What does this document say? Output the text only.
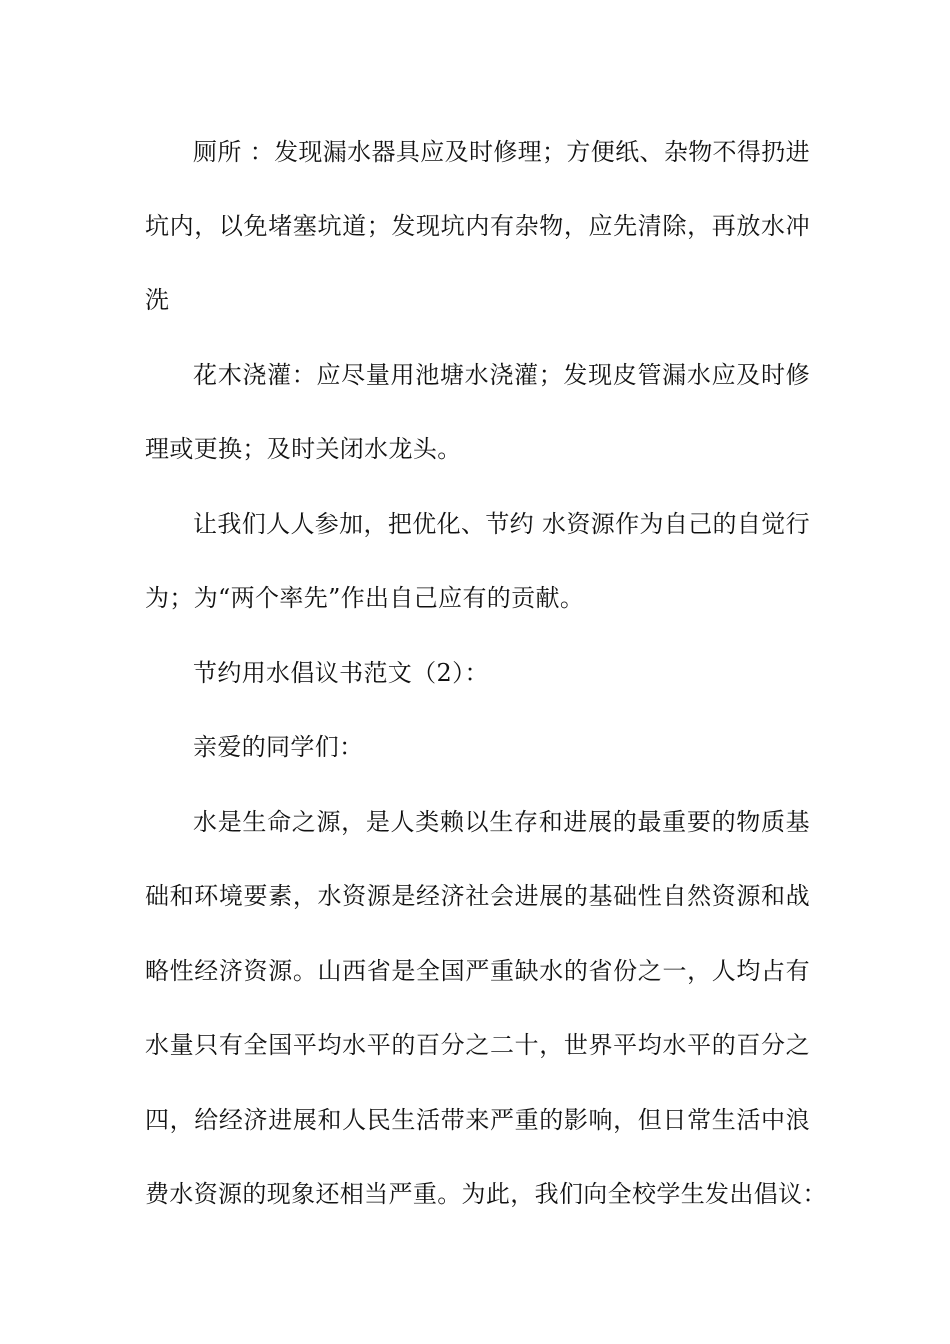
厕所 ：发现漏水器具应及时修理；方便纸、杂物不得扔进
坑内，以免堵塞坑道；发现坑内有杂物，应先清除，再放水冲
洗
花木浇灌：应尽量用池塘水浇灌；发现皮管漏水应及时修
理或更换；及时关闭水龙头。
让我们人人参加，把优化、节约 水资源作为自己的自觉行
为；为“两个率先”作出自己应有的贡献。
节约用水倡议书范文（2）：
亲爱的同学们：
水是生命之源，是人类赖以生存和进展的最重要的物质基
础和环境要素，水资源是经济社会进展的基础性自然资源和战
略性经济资源。山西省是全国严重缺水的省份之一，人均占有
水量只有全国平均水平的百分之二十，世界平均水平的百分之
四，给经济进展和人民生活带来严重的影响，但日常生活中浪
费水资源的现象还相当严重。为此，我们向全校学生发出倡议：
